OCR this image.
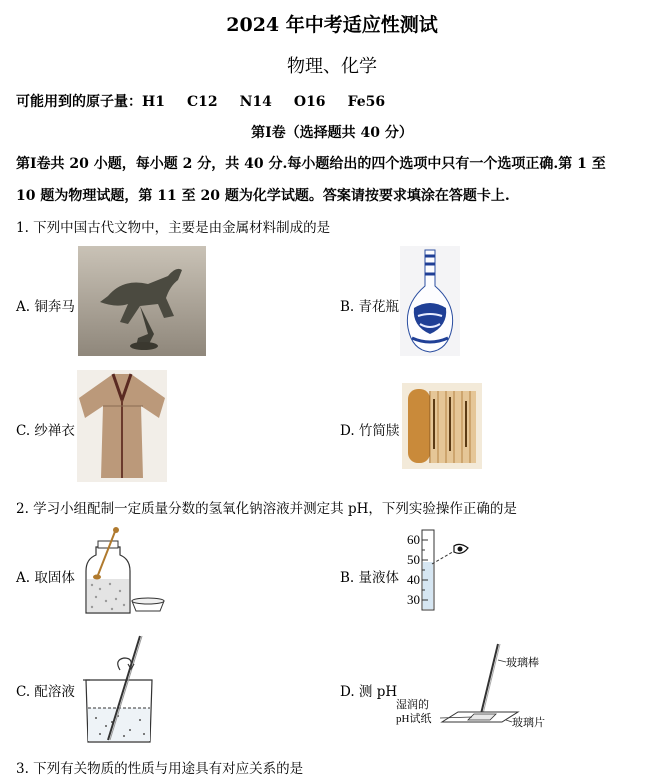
2024 年中考适应性测试
物理、化学
可能用到的原子量：H1 C12 N14 O16 Fe56
第Ⅰ卷（选择题共 40 分）
第Ⅰ卷共 20 小题，每小题 2 分，共 40 分.每小题给出的四个选项中只有一个选项正确.第 1 至
10 题为物理试题，第 11 至 20 题为化学试题。答案请按要求填涂在答题卡上.
1. 下列中国古代文物中，主要是由金属材料制成的是
A. 铜奔马	B. 青花瓶
C. 纱禅衣	D. 竹简牍
2. 学习小组配制一定质量分数的氢氧化钠溶液并测定其 pH，下列实验操作正确的是
A. 取固体	B. 量液体
60
50
40
30
C. 配溶液	D. 测 pH
玻璃棒
湿润的
pH试纸	玻璃片
3. 下列有关物质的性质与用途具有对应关系的是
